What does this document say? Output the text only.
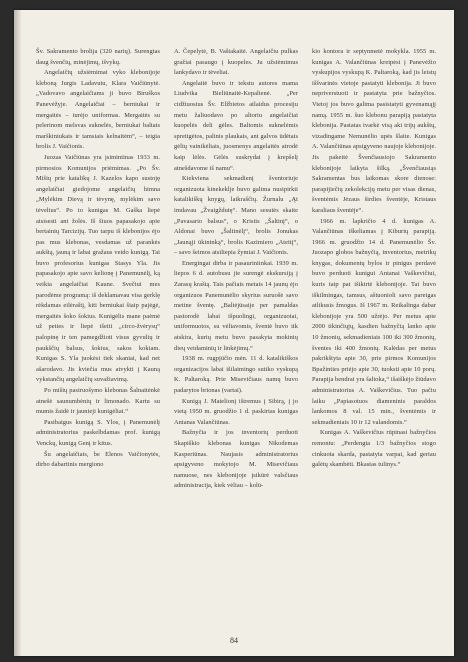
Šv. Sakramento brolija (320 narių). Surengtas daug švenčių, minėjimų, išvykų.

Angelaičių užsiėmimai vyko klebonijoje kleboną Jurgis Ladavutu, Klara Vaičiūnytė. „Vadovavo angelaičiams ji buvo Biruškos Panevėžyje. Angelaičiai – berniukai ir mergaitės – turėjo uniformas. Mergaitės su pelerinom melsvas suknelės, berniukai baltais marškiniukais ir tamsiais kelnaitėm“, – teigia brolis J. Vaičionis.

Juozas Vaičiūnas yra įsimintinas 1933 m. pirmosios Komunijos priėmimas. „Po Šv. Mišių prie katalikų J. Kazelos kapo sustoję angelaičiai giedojome angelaičių himna „Mylėkim Dievą ir tėvynę, mylėkim savo tėvelius“. Po to kunigas M. Gaška liepė atsisesti ant žolės. Iš šiuos papasakojo apie bertainių Tarcizijų. Tuo tarpu iš klebonijos ėjo pas mus klebonas, vesdamas už parankės aukštą, jauną ir labai gražaus veido kunigą. Tai buvo profesorius kunigas Stasys Yla. Jis papasakojo apie savo kelionę į Panemunėlį, ką veikia angelaičiai Kaune. Svečiui mes parodėme programą: iš deklamavau visa gerklę rėkdamas eilėraštį, kiti berniukai šiaip pajėgė, mergaitės šoko šokius. Kunigėlis mane paėmė už peties ir liepė išeiti „circo-žvėrysų“ palopinę ir ten pamegdžioti visus gyvulių ir paukščių balsus, šokius, sakos kokiam. Kunigas S. Yla juokėsi tiek skaniai, kad net ašarodavo. Jis kviečia mus atvykti į Kauną vykstančių angelaičių suvažiavimą.

Po mišių pasiruošymo klebonas Šalnaitėnkė atnešė saunumbėnių ir limonado. Kartu su mumis žaidė ir jaunieji kunigėliai.“

Pasibaigus kunigą S. Ylos, į Panemunėlį administratorius paskelbdamas prof. kunigą Venckų, kunigą Genį ir kitus.

Šu angelaičiais, be Elenos Vaičionytės, dirbo dabartinis mergiono

A. Čepelytė, B. Vaštakaitė. Angelaičiu pulkas gražiai pasaugo į kuopeles. Ju užsiėmimus lankydavo ir tėveliai.

Angelaitė buvo ir tekstu autores mama Liudvika Bieliūnaitė-Kepalienė. „Per cidžiuosius Šv. Elžbietos atlaidus procesiju metu žaliuodavo po altoriu angelaičiai kuopelės deli gėles. Baltomis suknelėmis spreitgėtos, palinis plaukais, ant galvos ūdėtais gėlių vainikėliais, juosmenys angelaitės atrodė kaip lėlės. Gėlės suskrydai į krepšelį atnešdavome iš namu“.

Kiekviena sekmadienį šventoriuje organizuota kinekeklje buvo galima nusipirkti katalikiškų knygų, laikraščių. Žurnalu „Ąt imdavau „Žvaigždutę“. Mano sesutės skaite „Pavasario balsus“, o Kristis „Šaltinį“, o Aldonai buvo „Šaltinėlį“, brolis Jonukas „Jaunąji ūkininką“, brolis Kazimiero „Ateitį“, – savo šeimos atsiliepia žymiai J. Vaičionis.

Energingai dirba ir pasauriniinkai. 1939 m. liepos 6 d. autobusu jie surengė ekskursiją į Zarasų kraštą. Tais pačiais metais 14 jaunų ėjo organizuos Panemunėlio skyrius suruošė savo metine šventę. „Baltėjūsaije per pamaldas pastorodė labai išpuolingi, organizuotai, uniformuotos, su vėliavomis, šventė buvo itk atskira, kurių metu buvo pasakyta mokinių dieų veidaminių ir linkėjimų.“

1938 m. rugpjūčio mėn. 11 d. katalikiškos organizacijos labai išilaimingo sutiko vyskupą K. Paltaroką. Prie Misevičiaus namų buvo padarytos brionas (vartai).

Kunigą J. Matelionį ištremus į Sibirą, į jo vietą 1950 m. gruodžio 1 d. paskirtas kunigas Antanas Valančiūnas.

Bažnyčia ir jos inventorių perduoti Skapiškio klebonas kunigas Nikodemas Kasperiūnas. Naujasis administratorius apsigyveno mokytojo M. Misevičiaus namuose, nes klebonijoje įsikūrė valsčiaus administracija, kiek vėliau – kolū-

kio kontora ir septynmetė mokykla. 1955 m. kunigas A. Valančiūnas kreipėsi į Panevėžio vyskupijos vyskupą K. Paltaroką, kad jis leistų iššvarinės vietoje pastatyti klebonija. Ji buvo nepriverstuoti ir pastatyta prie bažnyčios. Vietoj jos buvo galima pasistatyti gyvenamąjį namą. 1955 m. šuo klebonu parapiją pastatyta klebonija. Pastatas tvarkė visą aki trijų aukštų, vizadingame Nemunėlio upės šlaite. Kunigas A. Valančiūnas apsigyveno naujoje klebonijoje. Jis pakeitė Švenčiausiojo Sakramento klebonijoje laikyta šilką. „Švenčiausiąs Sakramentas bus laikomas skore dienose: parapijiečių zekolekcijų metu per visas dienas, šventėmis Jėzaus širdies šventėje, Kristaus karaliaus šventėje“.

1966 m. lapkričio 4 d. kunigas A. Valančiūnas iškeliamas į Kiburių parapiją. 1966 m. gruodžio 14 d. Panemunėlio Šv. Juozapo globos bažnyčią, inventorius, metrikų knygas, dokumentų bylos ir pinigus perdavė buvo perduoti kunigui Antanai Vaškevičiui, kuris taip pat išikirtė klebonijoje. Tai buvo iškilmingas, tamsus, aštuonioli savo pareigas atlikusis žmogus. Iš 1967 m. Reikalinga dabar klebonijoje yra 500 užrėjo. Per metus apie 2000 tikinčiųjų, kasdien bažnyčią lanko apie 10 žmonių, sekmadieniais 100 iki 300 žmonių, šventes iki 400 žmonių. Kalėdas per metus pakrikštyta apie 30, prie pirmos Komunijos Bpažinties priėjo apie 30, tuoksti apie 10 porų. Parapija bendrai yra šaltoka,“ išaiškėjo žiūdavo administratorius A. Vaškevičius. Tuo pačiu laiku „Papiasotuos diameninis paraldos lankomos 8 val. 15 min., šventėmis ir sekmadieniais 10 ir 12 valandomis.“

Kunigas A. Vaškevičius rūpinasi bažnyčios remontu: „Perdengta 1/3 bažnyčios stogo cinkuota skarda, pastatyta varpai, kad geriau galėtų skambėti. Bkastas tulinys.“

84
